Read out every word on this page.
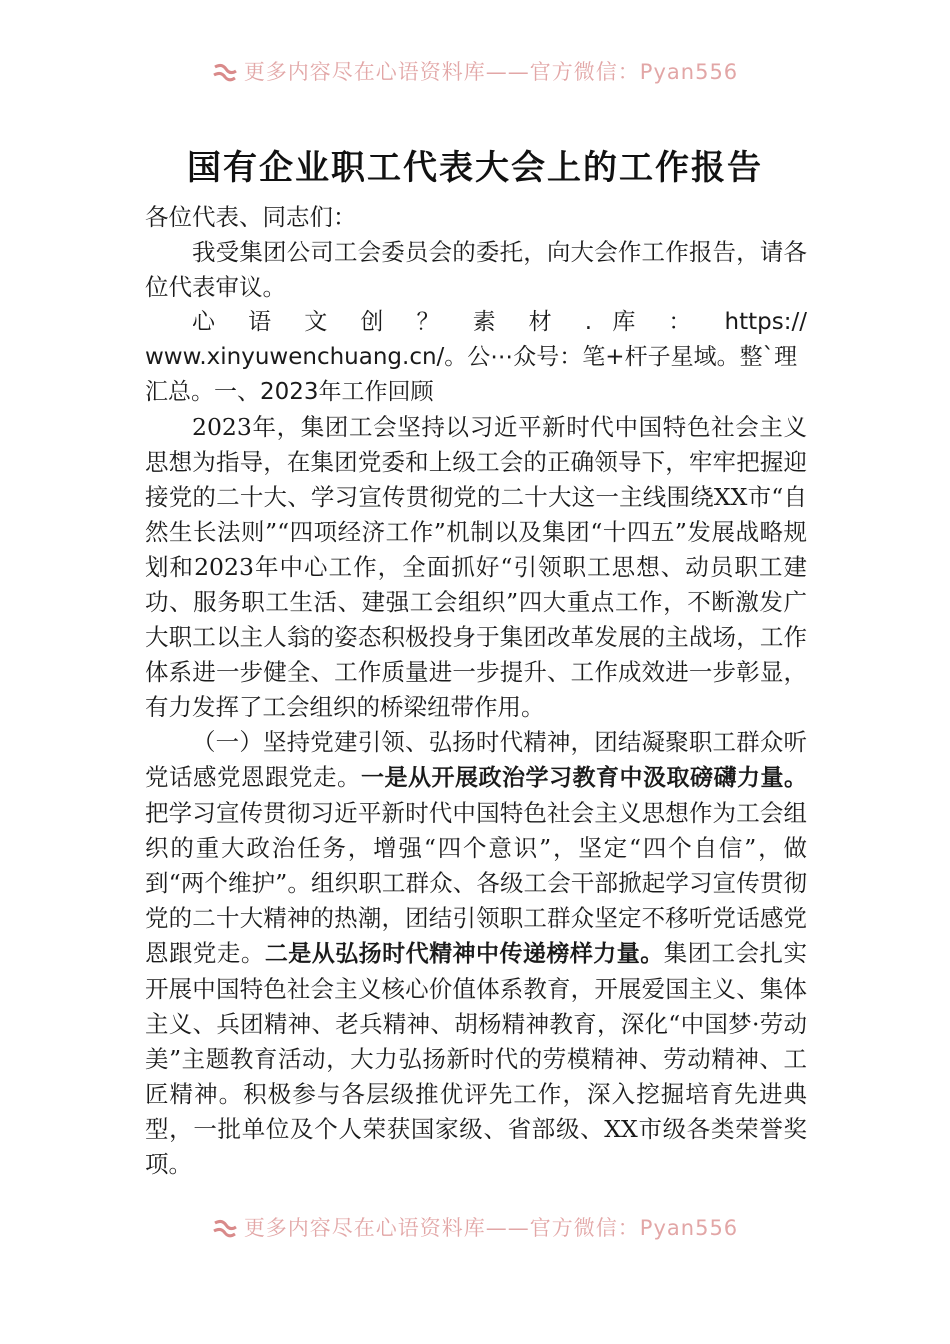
更多内容尽在心语资料库——官方微信：Pyan556
国有企业职工代表大会上的工作报告

各位代表、同志们：

我受集团公司工会委员会的委托，向大会作工作报告，请各位代表审议。

心 语 文 创 ？ 素 材 . 库 ： https://

www.xinyuwenchuang.cn/。公⋯众号：笔+杆子星域。整`理

汇总。一、2023年工作回顾

2023年，集团工会坚持以习近平新时代中国特色社会主义思想为指导，在集团党委和上级工会的正确领导下，牢牢把握迎接党的二十大、学习宣传贯彻党的二十大这一主线围绕XX市“自然生长法则”“四项经济工作”机制以及集团“十四五”发展战略规划和2023年中心工作，全面抓好“引领职工思想、动员职工建功、服务职工生活、建强工会组织”四大重点工作，不断激发广大职工以主人翁的姿态积极投身于集团改革发展的主战场，工作体系进一步健全、工作质量进一步提升、工作成效进一步彰显，有力发挥了工会组织的桥梁纽带作用。

（一）坚持党建引领、弘扬时代精神，团结凝聚职工群众听党话感党恩跟党走。一是从开展政治学习教育中汲取磅礴力量。把学习宣传贯彻习近平新时代中国特色社会主义思想作为工会组织的重大政治任务，增强“四个意识”，坚定“四个自信”，做到“两个维护”。组织职工群众、各级工会干部掀起学习宣传贯彻党的二十大精神的热潮，团结引领职工群众坚定不移听党话感党恩跟党走。二是从弘扬时代精神中传递榜样力量。集团工会扎实开展中国特色社会主义核心价值体系教育，开展爱国主义、集体主义、兵团精神、老兵精神、胡杨精神教育，深化“中国梦·劳动美”主题教育活动，大力弘扬新时代的劳模精神、劳动精神、工匠精神。积极参与各层级推优评先工作，深入挖掘培育先进典型，一批单位及个人荣获国家级、省部级、XX市级各类荣誉奖项。

更多内容尽在心语资料库——官方微信：Pyan556
